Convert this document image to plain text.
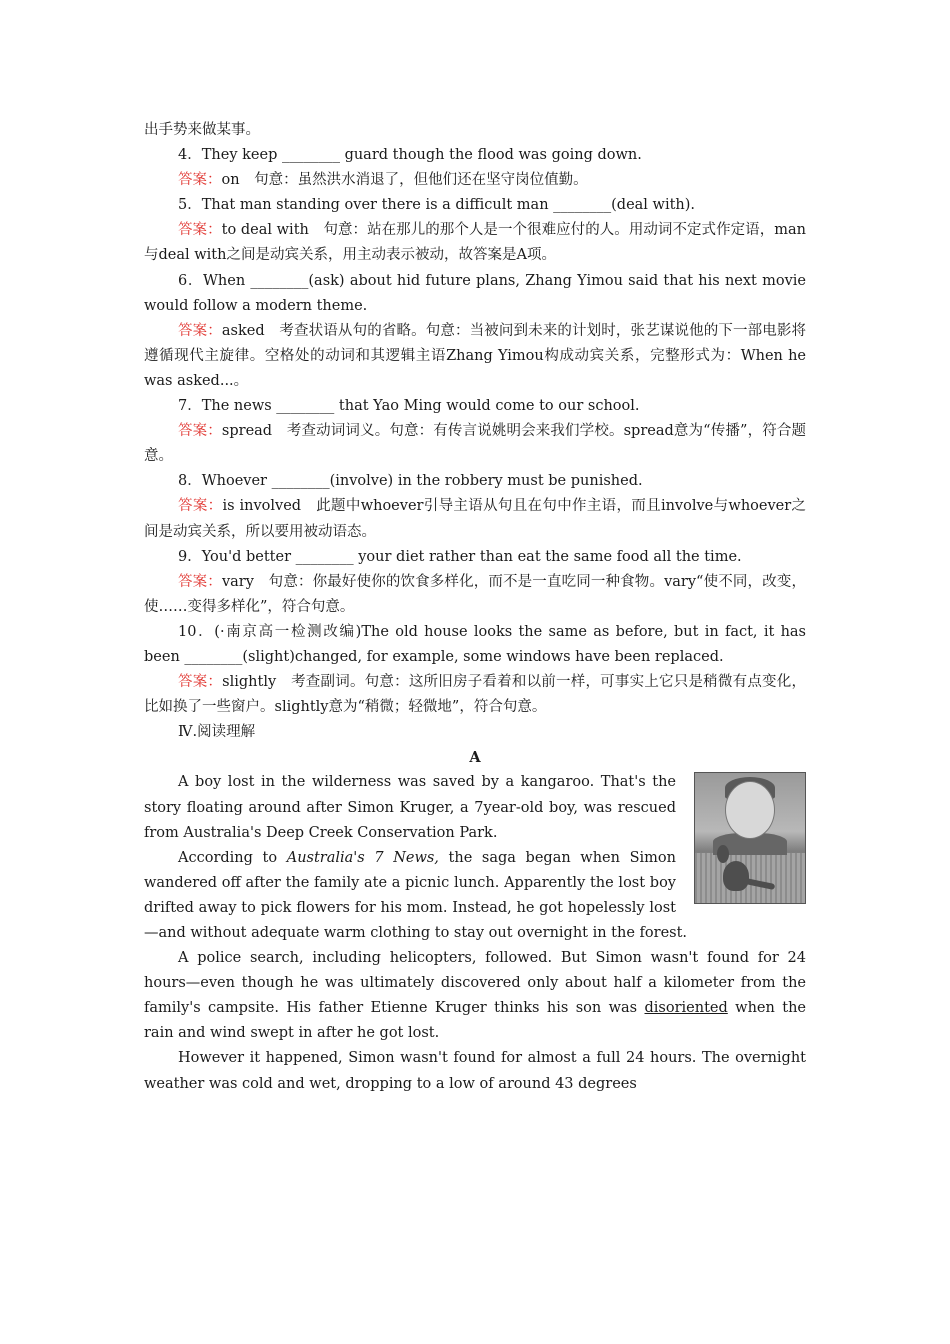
出手势来做某事。

4．They keep ________ guard though the flood was going down.

答案：on　句意：虽然洪水消退了，但他们还在坚守岗位值勤。

5．That man standing over there is a difficult man ________(deal with).

答案：to deal with　句意：站在那儿的那个人是一个很难应付的人。用动词不定式作定语，man与deal with之间是动宾关系，用主动表示被动，故答案是A项。

6．When ________(ask) about hid future plans, Zhang Yimou said that his next movie would follow a modern theme.

答案：asked　考查状语从句的省略。句意：当被问到未来的计划时，张艺谋说他的下一部电影将遵循现代主旋律。空格处的动词和其逻辑主语Zhang Yimou构成动宾关系，完整形式为：When he was asked...。

7．The news ________ that Yao Ming would come to our school.

答案：spread　考查动词词义。句意：有传言说姚明会来我们学校。spread意为“传播”，符合题意。

8．Whoever ________(involve) in the robbery must be punished.

答案：is involved　此题中whoever引导主语从句且在句中作主语，而且involve与whoever之间是动宾关系，所以要用被动语态。

9．You'd better ________ your diet rather than eat the same food all the time.

答案：vary　句意：你最好使你的饮食多样化，而不是一直吃同一种食物。vary“使不同，改变，使……变得多样化”，符合句意。

10．(·南京高一检测改编)The old house looks the same as before, but in fact, it has been ________(slight)changed, for example, some windows have been replaced.

答案：slightly　考查副词。句意：这所旧房子看着和以前一样，可事实上它只是稍微有点变化，比如换了一些窗户。slightly意为“稍微；轻微地”，符合句意。

Ⅳ.阅读理解

A

A boy lost in the wilderness was saved by a kangaroo. That's the story floating around after Simon Kruger, a 7year-old boy, was rescued from Australia's Deep Creek Conservation Park.

According to Australia's 7 News, the saga began when Simon wandered off after the family ate a picnic lunch. Apparently the lost boy drifted away to pick flowers for his mom. Instead, he got hopelessly lost—and without adequate warm clothing to stay out overnight in the forest.

A police search, including helicopters, followed. But Simon wasn't found for 24 hours—even though he was ultimately discovered only about half a kilometer from the family's campsite. His father Etienne Kruger thinks his son was disoriented when the rain and wind swept in after he got lost.

However it happened, Simon wasn't found for almost a full 24 hours. The overnight weather was cold and wet, dropping to a low of around 43 degrees
